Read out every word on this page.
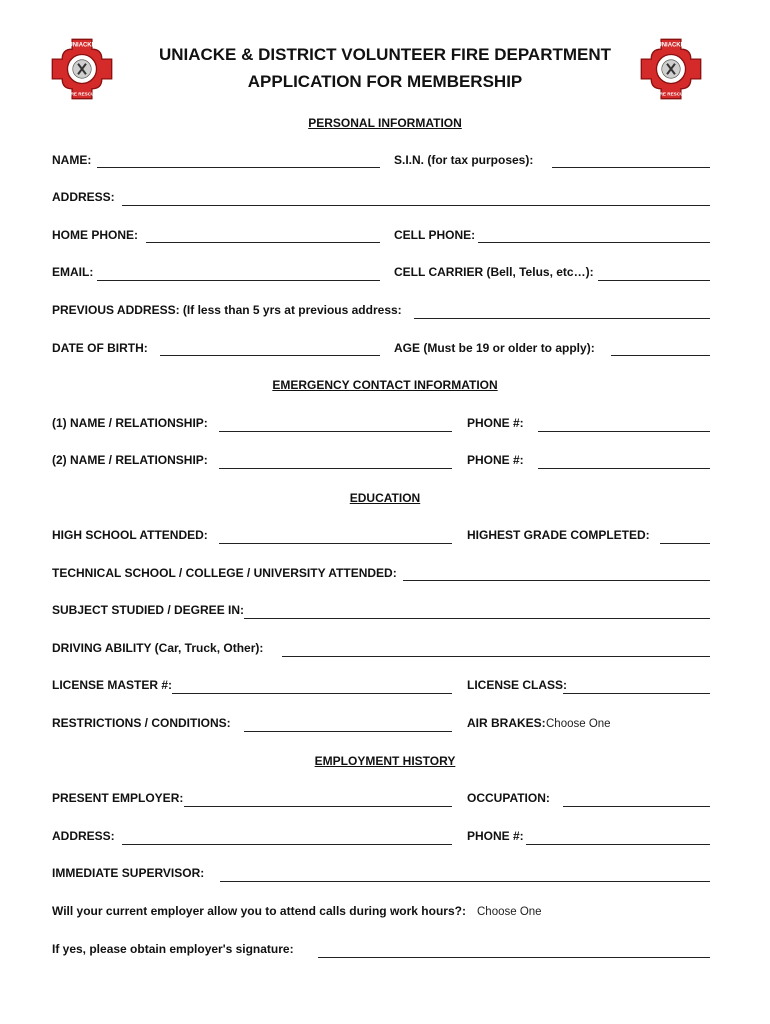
UNIACKE
FIRE RESCUE
UNIACKE
FIRE RESCUE
UNIACKE & DISTRICT VOLUNTEER FIRE DEPARTMENT
APPLICATION FOR MEMBERSHIP
PERSONAL INFORMATION
NAME:	S.I.N. (for tax purposes):
ADDRESS:
HOME PHONE:	CELL PHONE:
EMAIL:	CELL CARRIER (Bell, Telus, etc…):
PREVIOUS ADDRESS: (If less than 5 yrs at previous address:
DATE OF BIRTH:	AGE (Must be 19 or older to apply):
EMERGENCY CONTACT INFORMATION
(1) NAME / RELATIONSHIP:	PHONE #:
(2) NAME / RELATIONSHIP:	PHONE #:
EDUCATION
HIGH SCHOOL ATTENDED:	HIGHEST GRADE COMPLETED:
TECHNICAL SCHOOL / COLLEGE / UNIVERSITY ATTENDED:
SUBJECT STUDIED / DEGREE IN:
DRIVING ABILITY (Car, Truck, Other):
LICENSE MASTER #:	LICENSE CLASS:
RESTRICTIONS / CONDITIONS:	AIR BRAKES: Choose One
EMPLOYMENT HISTORY
PRESENT EMPLOYER:	OCCUPATION:
ADDRESS:	PHONE #:
IMMEDIATE SUPERVISOR:
Will your current employer allow you to attend calls during work hours?: Choose One
If yes, please obtain employer's signature:
